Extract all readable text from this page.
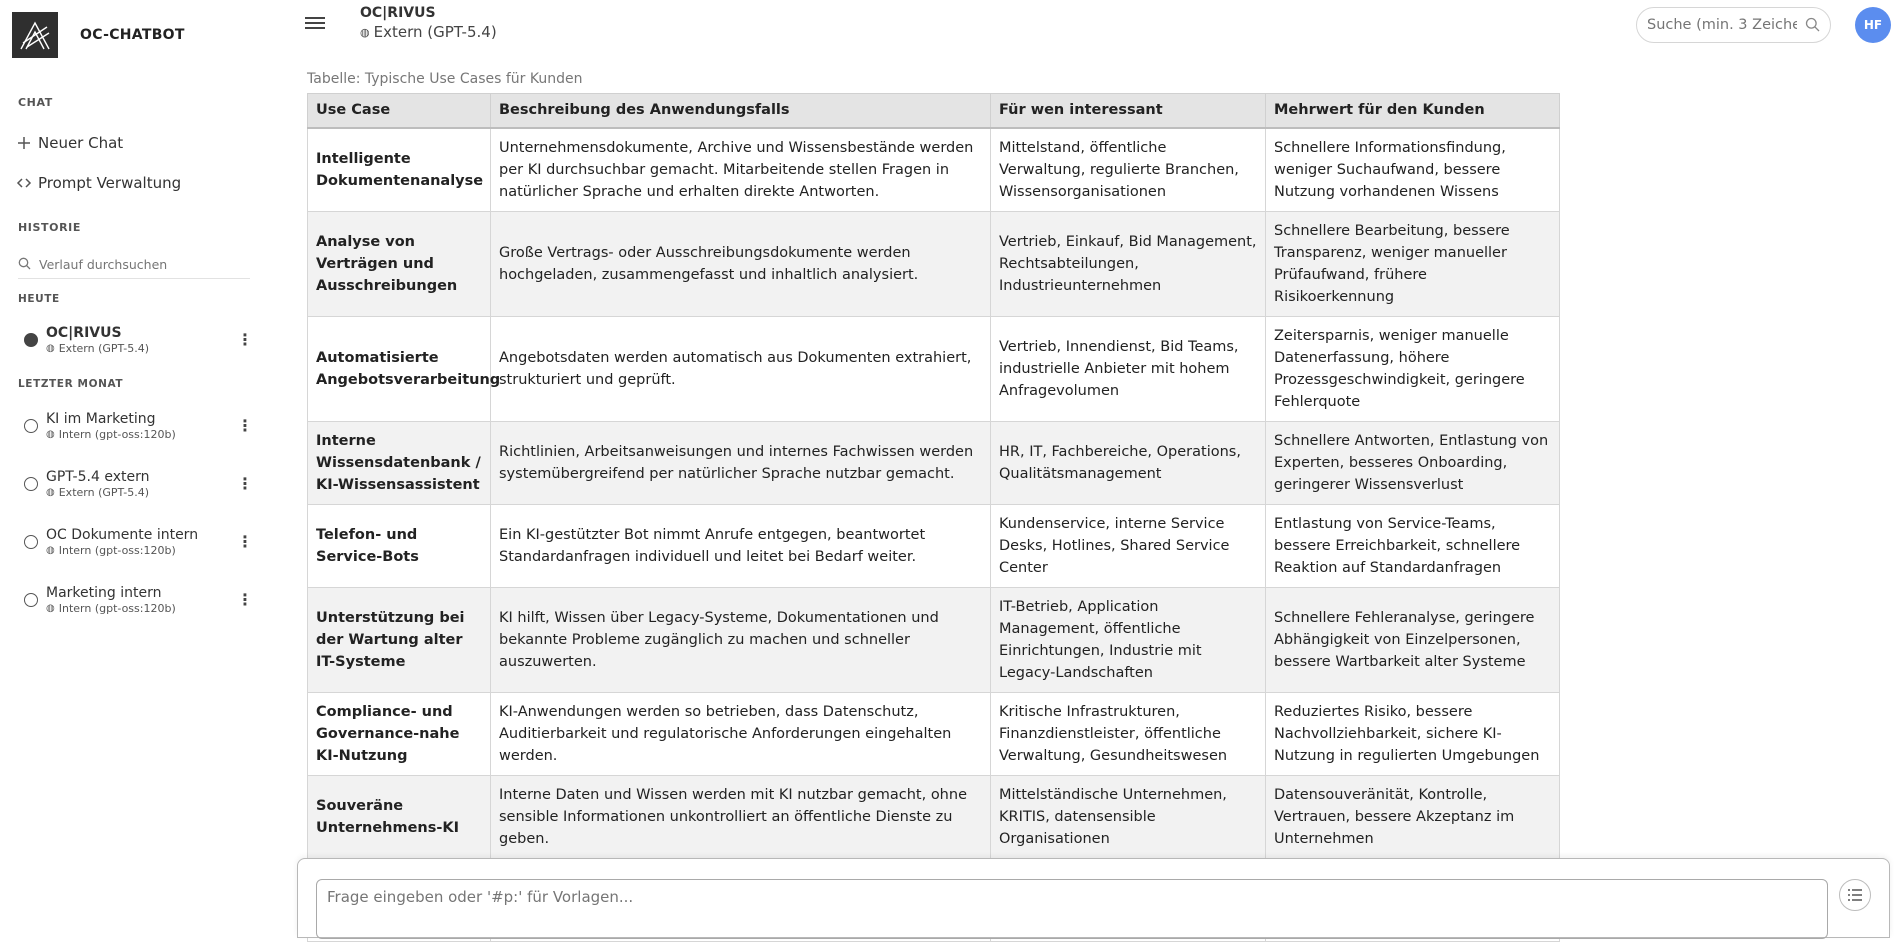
OC-CHATBOT
CHAT
Neuer Chat
Prompt Verwaltung
HISTORIE
Verlauf durchsuchen
HEUTE
OC|RIVUS
◍ Extern (GPT-5.4)	⋮
LETZTER MONAT
KI im Marketing
◍ Intern (gpt-oss:120b)	⋮
GPT-5.4 extern
◍ Extern (GPT-5.4)	⋮
OC Dokumente intern
◍ Intern (gpt-oss:120b)	⋮
Marketing intern
◍ Intern (gpt-oss:120b)	⋮
OC|RIVUS
◍ Extern (GPT-5.4)
Suche (min. 3 Zeichen)	HF
Tabelle: Typische Use Cases für Kunden
Use Case	Beschreibung des Anwendungsfalls	Für wen interessant	Mehrwert für den Kunden
Intelligente Dokumentenanalyse	Unternehmensdokumente, Archive und Wissensbestände werden per KI durchsuchbar gemacht. Mitarbeitende stellen Fragen in natürlicher Sprache und erhalten direkte Antworten.	Mittelstand, öffentliche Verwaltung, regulierte Branchen, Wissensorganisationen	Schnellere Informationsfindung, weniger Suchaufwand, bessere Nutzung vorhandenen Wissens
Analyse von Verträgen und Ausschreibungen	Große Vertrags- oder Ausschreibungsdokumente werden hochgeladen, zusammengefasst und inhaltlich analysiert.	Vertrieb, Einkauf, Bid Management, Rechtsabteilungen, Industrieunternehmen	Schnellere Bearbeitung, bessere Transparenz, weniger manueller Prüfaufwand, frühere Risikoerkennung
Automatisierte Angebotsverarbeitung	Angebotsdaten werden automatisch aus Dokumenten extrahiert, strukturiert und geprüft.	Vertrieb, Innendienst, Bid Teams, industrielle Anbieter mit hohem Anfragevolumen	Zeitersparnis, weniger manuelle Datenerfassung, höhere Prozessgeschwindigkeit, geringere Fehlerquote
Interne Wissensdatenbank / KI-Wissensassistent	Richtlinien, Arbeitsanweisungen und internes Fachwissen werden systemübergreifend per natürlicher Sprache nutzbar gemacht.	HR, IT, Fachbereiche, Operations, Qualitätsmanagement	Schnellere Antworten, Entlastung von Experten, besseres Onboarding, geringerer Wissensverlust
Telefon- und Service-Bots	Ein KI-gestützter Bot nimmt Anrufe entgegen, beantwortet Standardanfragen individuell und leitet bei Bedarf weiter.	Kundenservice, interne Service Desks, Hotlines, Shared Service Center	Entlastung von Service-Teams, bessere Erreichbarkeit, schnellere Reaktion auf Standardanfragen
Unterstützung bei der Wartung alter IT-Systeme	KI hilft, Wissen über Legacy-Systeme, Dokumentationen und bekannte Probleme zugänglich zu machen und schneller auszuwerten.	IT-Betrieb, Application Management, öffentliche Einrichtungen, Industrie mit Legacy-Landschaften	Schnellere Fehleranalyse, geringere Abhängigkeit von Einzelpersonen, bessere Wartbarkeit alter Systeme
Compliance- und Governance-nahe KI-Nutzung	KI-Anwendungen werden so betrieben, dass Datenschutz, Auditierbarkeit und regulatorische Anforderungen eingehalten werden.	Kritische Infrastrukturen, Finanzdienstleister, öffentliche Verwaltung, Gesundheitswesen	Reduziertes Risiko, bessere Nachvollziehbarkeit, sichere KI-Nutzung in regulierten Umgebungen
Souveräne Unternehmens-KI	Interne Daten und Wissen werden mit KI nutzbar gemacht, ohne sensible Informationen unkontrolliert an öffentliche Dienste zu geben.	Mittelständische Unternehmen, KRITIS, datensensible Organisationen	Datensouveränität, Kontrolle, Vertrauen, bessere Akzeptanz im Unternehmen

Frage eingeben oder '#p:' für Vorlagen...
